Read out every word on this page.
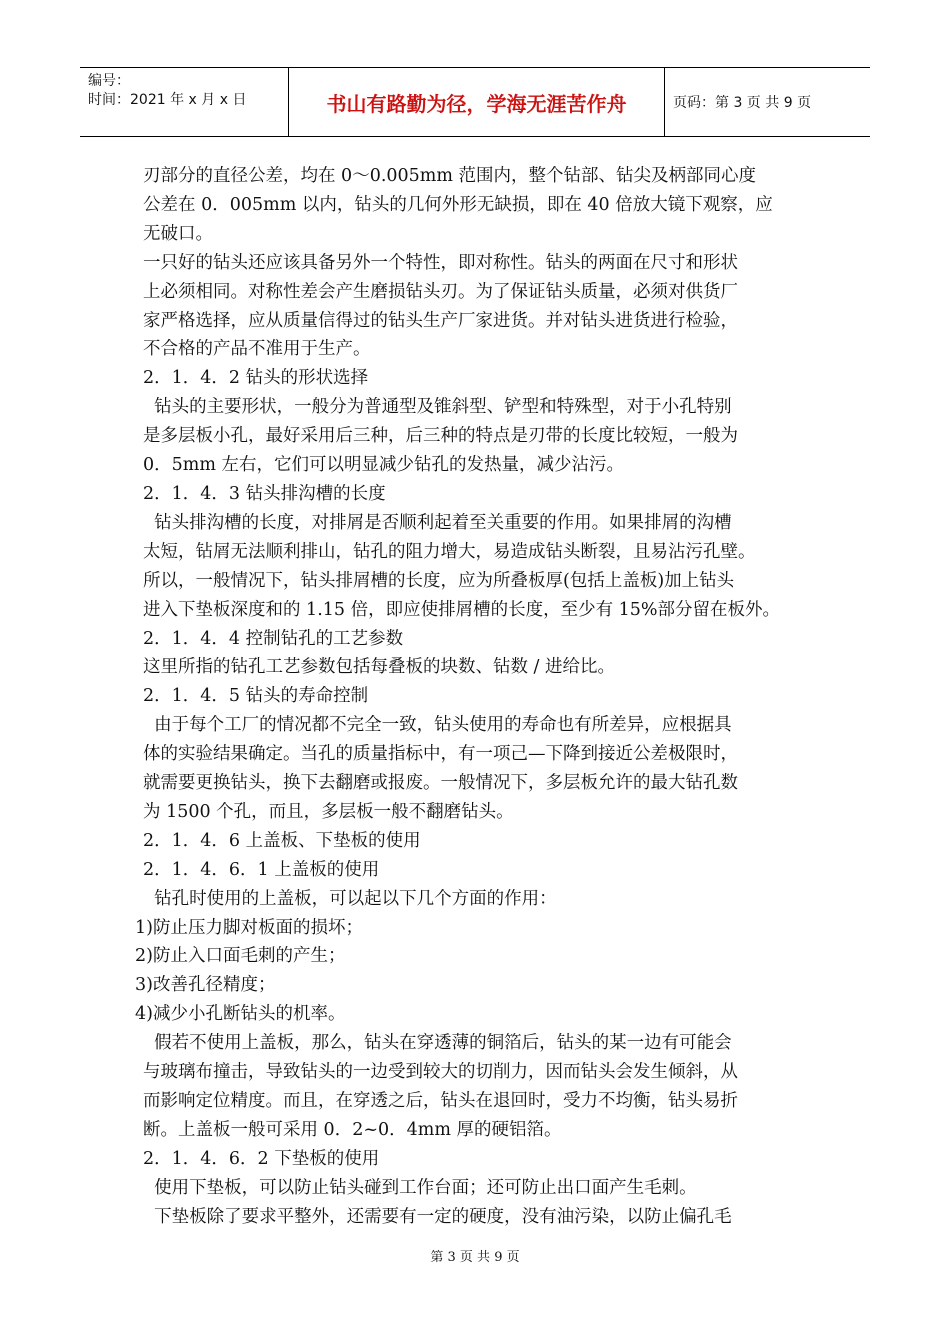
编号：
时间：2021 年 x 月 x 日	书山有路勤为径，学海无涯苦作舟	页码：第 3 页 共 9 页

刃部分的直径公差，均在 0～0.005mm 范围内，整个钻部、钻尖及柄部同心度

公差在 0．005mm 以内，钻头的几何外形无缺损，即在 40 倍放大镜下观察，应

无破口。

一只好的钻头还应该具备另外一个特性，即对称性。钻头的两面在尺寸和形状

上必须相同。对称性差会产生磨损钻头刃。为了保证钻头质量，必须对供货厂

家严格选择，应从质量信得过的钻头生产厂家进货。并对钻头进货进行检验，

不合格的产品不准用于生产。

2．1．4．2 钻头的形状选择

钻头的主要形状，一般分为普通型及锥斜型、铲型和特殊型，对于小孔特别

是多层板小孔，最好采用后三种，后三种的特点是刃带的长度比较短，一般为

0．5mm 左右，它们可以明显减少钻孔的发热量，减少沾污。

2．1．4．3 钻头排沟槽的长度

钻头排沟槽的长度，对排屑是否顺利起着至关重要的作用。如果排屑的沟槽

太短，钻屑无法顺利排山，钻孔的阻力增大，易造成钻头断裂，且易沾污孔壁。

所以，一般情况下，钻头排屑槽的长度，应为所叠板厚(包括上盖板)加上钻头

进入下垫板深度和的 1.15 倍，即应使排屑槽的长度，至少有 15%部分留在板外。

2．1．4．4 控制钻孔的工艺参数

这里所指的钻孔工艺参数包括每叠板的块数、钻数 / 进给比。

2．1．4．5 钻头的寿命控制

由于每个工厂的情况都不完全一致，钻头使用的寿命也有所差异，应根据具

体的实验结果确定。当孔的质量指标中，有一项己—下降到接近公差极限时，

就需要更换钻头，换下去翻磨或报废。一般情况下，多层板允许的最大钻孔数

为 1500 个孔，而且，多层板一般不翻磨钻头。

2．1．4．6 上盖板、下垫板的使用

2．1．4．6．1 上盖板的使用

钻孔时使用的上盖板，可以起以下几个方面的作用：

1)防止压力脚对板面的损坏；

2)防止入口面毛刺的产生；

3)改善孔径精度；

4)减少小孔断钻头的机率。

假若不使用上盖板，那么，钻头在穿透薄的铜箔后，钻头的某一边有可能会

与玻璃布撞击，导致钻头的一边受到较大的切削力，因而钻头会发生倾斜，从

而影响定位精度。而且，在穿透之后，钻头在退回时，受力不均衡，钻头易折

断。上盖板一般可采用 0．2~0．4mm 厚的硬铝箔。

2．1．4．6．2 下垫板的使用

使用下垫板，可以防止钻头碰到工作台面；还可防止出口面产生毛刺。

下垫板除了要求平整外，还需要有一定的硬度，没有油污染，以防止偏孔毛

第 3 页 共 9 页
